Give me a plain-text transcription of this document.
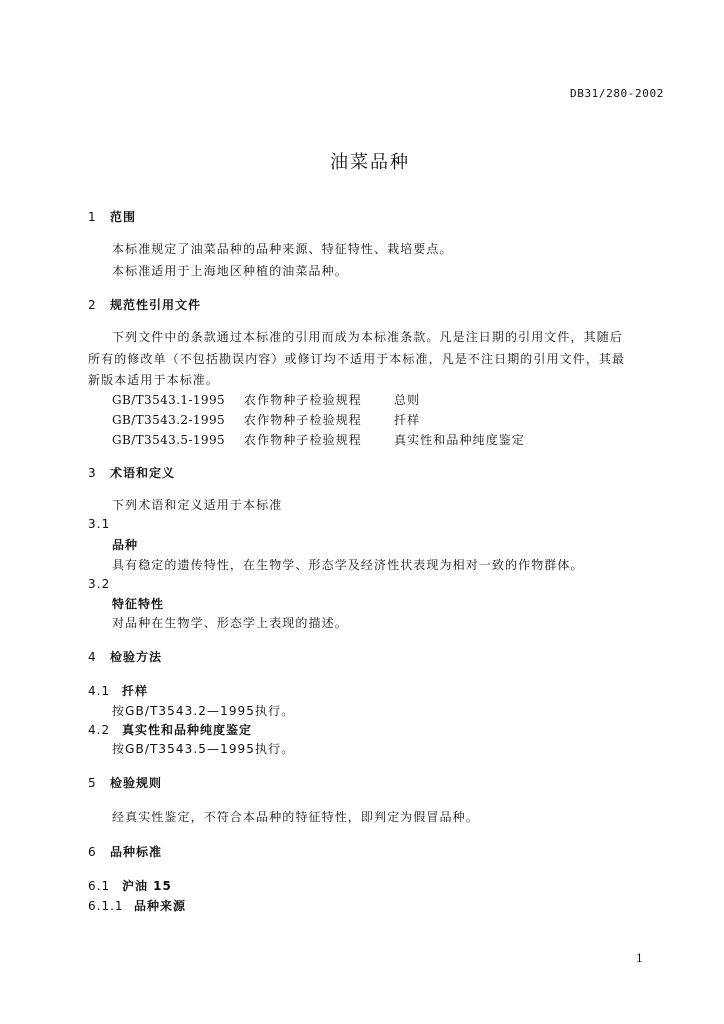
DB31/280-2002
油菜品种
1 范围
本标准规定了油菜品种的品种来源、特征特性、栽培要点。
本标准适用于上海地区种植的油菜品种。
2 规范性引用文件
下列文件中的条款通过本标准的引用而成为本标准条款。凡是注日期的引用文件，其随后
所有的修改单（不包括勘误内容）或修订均不适用于本标准，凡是不注日期的引用文件，其最
新版本适用于本标准。
GB/T3543.1-1995 农作物种子检验规程	总则
GB/T3543.2-1995 农作物种子检验规程	扦样
GB/T3543.5-1995 农作物种子检验规程	真实性和品种纯度鉴定
3 术语和定义
下列术语和定义适用于本标准
3.1
品种
具有稳定的遗传特性，在生物学、形态学及经济性状表现为相对一致的作物群体。
3.2
特征特性
对品种在生物学、形态学上表现的描述。
4 检验方法
4.1 扦样
按GB/T3543.2—1995执行。
4.2 真实性和品种纯度鉴定
按GB/T3543.5—1995执行。
5 检验规则
经真实性鉴定，不符合本品种的特征特性，即判定为假冒品种。
6 品种标准
6.1 沪油 15
6.1.1 品种来源
1
